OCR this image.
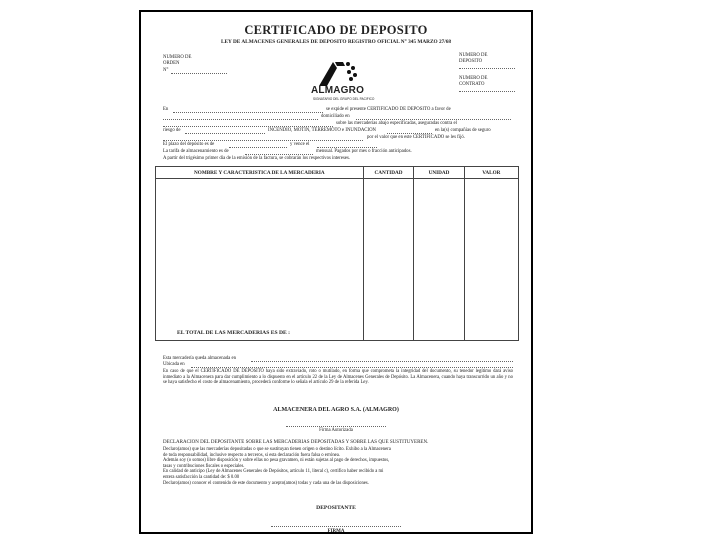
CERTIFICADO DE DEPOSITO
LEY DE ALMACENES GENERALES DE DEPOSITO REGISTRO OFICIAL N° 345 MARZO 27/68
NUMERO DE ORDEN
N°
NUMERO DE DEPOSITO
NUMERO DE CONTRATO
ALMAGRO
SIGNATARIO DEL GRUPO DEL PACIFICO
En	se expide el presente CERTIFICADO DE DEPOSITO a favor de
domiciliado en
sobre las mercaderías abajo especificadas, aseguradas contra el
riesgo de	INCENDIO, MOTIN, TERREMOTO e INUNDACION	en la(s) compañías de seguro
por el valor que en este CERTIFICADO se les fijó.
El plazo del depósito es de	y vence el
La tarifa de almacenamiento es de	mensual. Pagados por mes o fracción anticipados.
A partir del trigésimo primer día de la emisión de la factura, se cobrarán los respectivos intereses.
NOMBRE Y CARACTERISTICA DE LA MERCADERIA	CANTIDAD	UNIDAD	VALOR

EL TOTAL DE LAS MERCADERIAS ES DE :
Esta mercadería queda almacenada en
Ubicada en
En caso de que el CERTIFICADO DE DEPOSITO haya sido extraviado, roto o mutilado, en forma que comprometa la integridad del documento, su tenedor legítimo dará aviso inmediato a la Almacenera para dar cumplimiento a lo dispuesto en el artículo 22 de la Ley de Almacenes Generales de Depósito. La Almacenera, cuando haya transcurrido un año y no se haya satisfecho el costo de almacenamiento, procederá conforme lo señala el artículo 29 de la referida Ley.
ALMACENERA DEL AGRO S.A. (ALMAGRO)
Firma Autorizada
DECLARACION DEL DEPOSITANTE SOBRE LAS MERCADERIAS DEPOSITADAS Y SOBRE LAS QUE SUSTITUYEREN.
Declaro(amos) que las mercaderías depositadas o que se sustituyan tienen origen o destino lícito. Exhibo a la Almacenera
de toda responsabilidad, inclusive respecto a terceros, si esta declaración fuera falsa o errónea.
Además soy (o somos) libre disposición y sobre ellas no pesa gravamen, ni están sujetas al pago de derechos, impuestos,
tasas y contribuciones fiscales o especiales.
En calidad de anticipo (Ley de Almacenes Generales de Depósitos, artículo 11, literal c), certifico haber recibido a mi
entera satisfacción la cantidad de: $ 0.00
Declaro(amos) conocer el contenido de este documento y acepto(amos) todas y cada una de las disposiciones.
DEPOSITANTE
FIRMA
